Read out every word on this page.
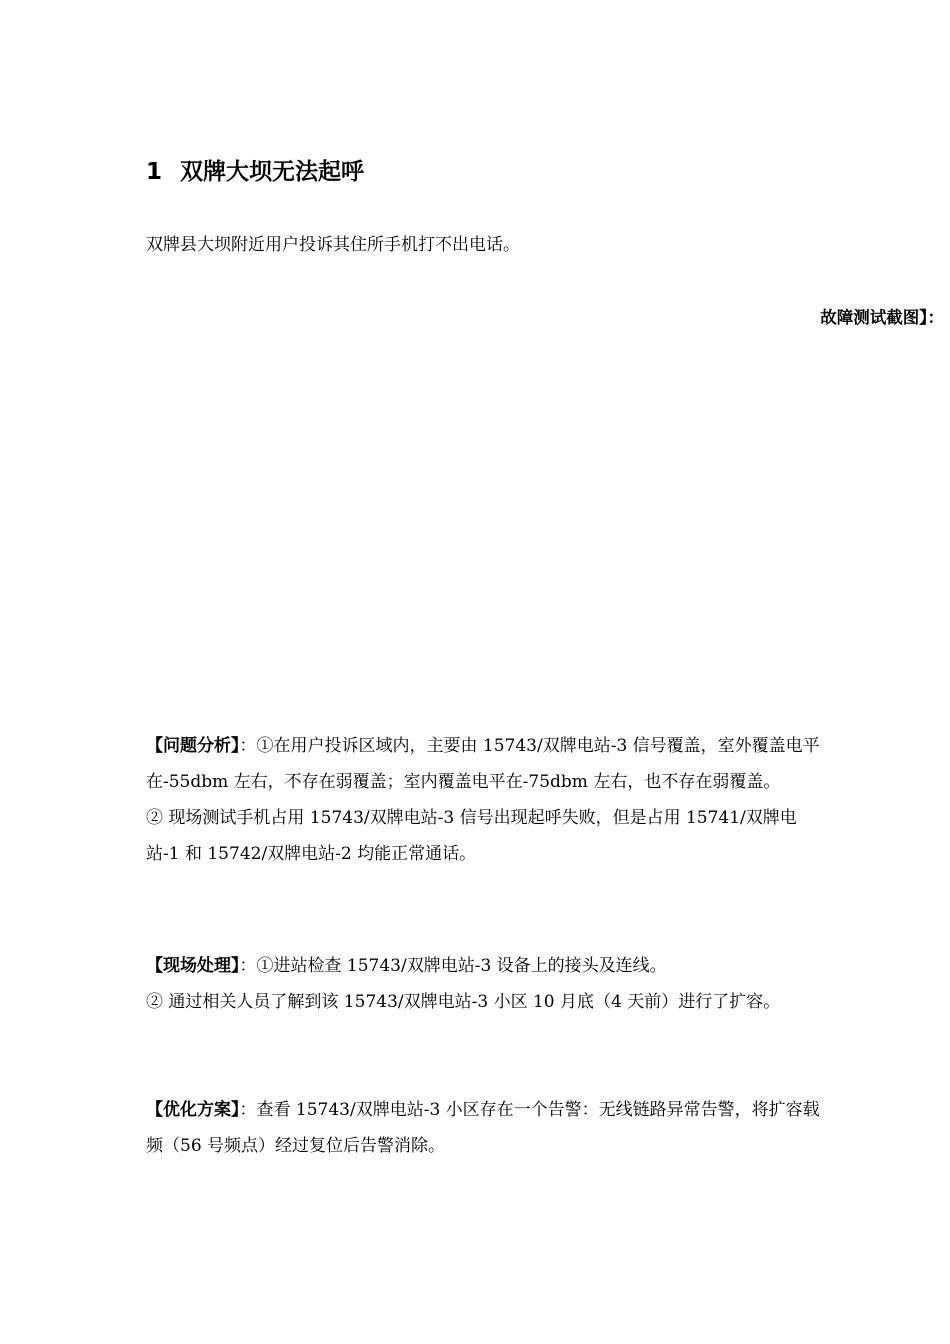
1 双牌大坝无法起呼
双牌县大坝附近用户投诉其住所手机打不出电话。
故障测试截图】：

【问题分析】：①在用户投诉区域内，主要由 15743/双牌电站-3 信号覆盖，室外覆盖电平在-55dbm 左右，不存在弱覆盖；室内覆盖电平在-75dbm 左右，也不存在弱覆盖。

② 现场测试手机占用 15743/双牌电站-3 信号出现起呼失败，但是占用 15741/双牌电站-1 和 15742/双牌电站-2 均能正常通话。

【现场处理】：①进站检查 15743/双牌电站-3 设备上的接头及连线。

② 通过相关人员了解到该 15743/双牌电站-3 小区 10 月底（4 天前）进行了扩容。

【优化方案】：查看 15743/双牌电站-3 小区存在一个告警：无线链路异常告警，将扩容载频（56 号频点）经过复位后告警消除。
